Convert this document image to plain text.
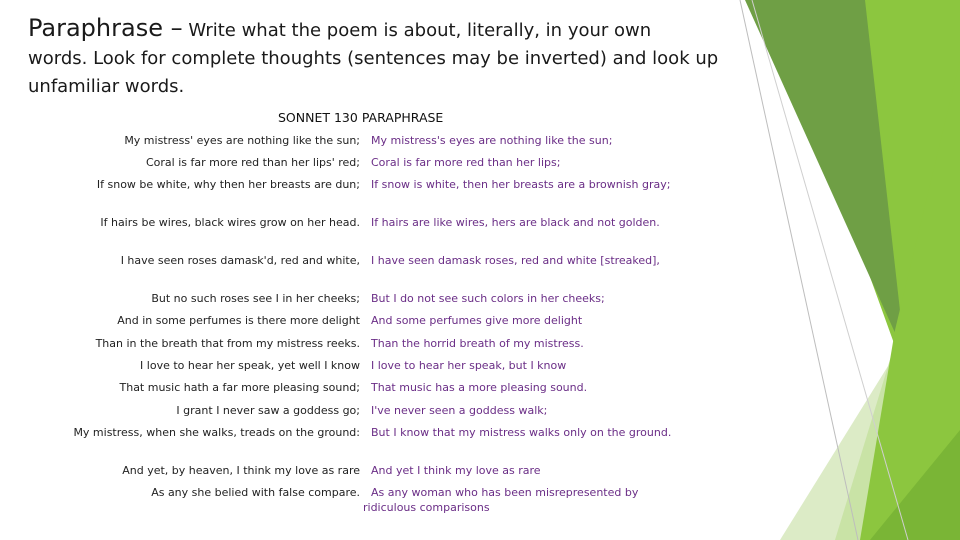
Paraphrase – Write what the poem is about, literally, in your own
words. Look for complete thoughts (sentences may be inverted) and look up
unfamiliar words.
SONNET 130 PARAPHRASE
My mistress' eyes are nothing like the sun; My mistress's eyes are nothing like the sun;
Coral is far more red than her lips' red; Coral is far more red than her lips;
If snow be white, why then her breasts are dun; If snow is white, then her breasts are a brownish gray;
If hairs be wires, black wires grow on her head. If hairs are like wires, hers are black and not golden.
I have seen roses damask'd, red and white, I have seen damask roses, red and white [streaked],
But no such roses see I in her cheeks; But I do not see such colors in her cheeks;
And in some perfumes is there more delight And some perfumes give more delight
Than in the breath that from my mistress reeks. Than the horrid breath of my mistress.
I love to hear her speak, yet well I know I love to hear her speak, but I know
That music hath a far more pleasing sound; That music has a more pleasing sound.
I grant I never saw a goddess go; I've never seen a goddess walk;
My mistress, when she walks, treads on the ground: But I know that my mistress walks only on the ground.
And yet, by heaven, I think my love as rare And yet I think my love as rare
As any she belied with false compare. As any woman who has been misrepresented by
ridiculous comparisons
